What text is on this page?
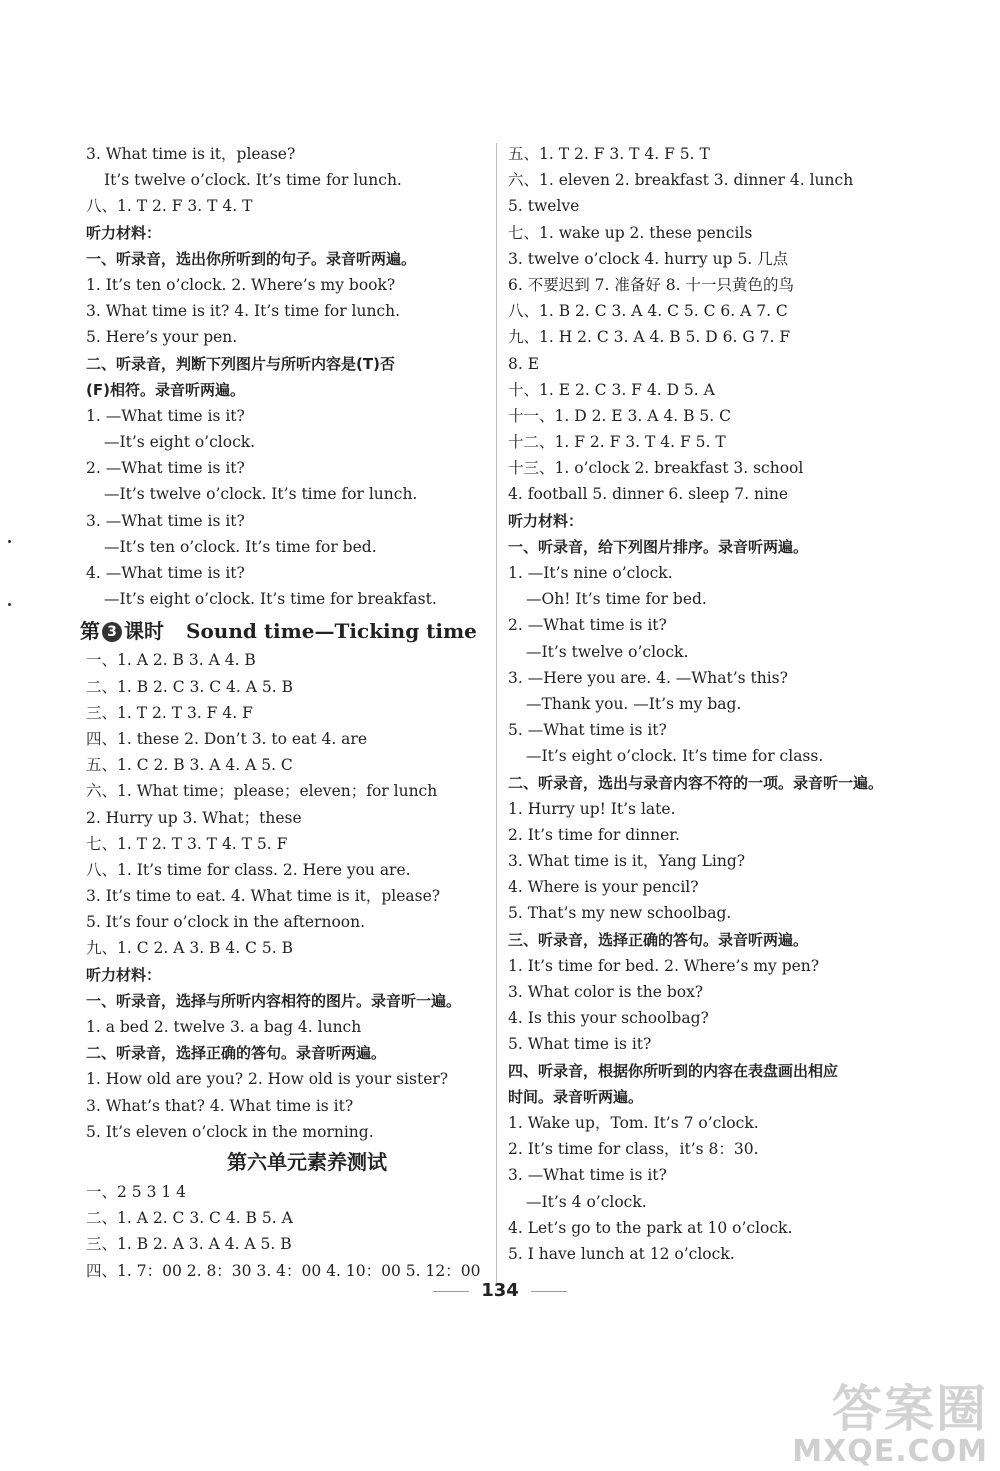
3. What time is it，please?
It’s twelve o’clock. It’s time for lunch.
八、1. T 2. F 3. T 4. T
听力材料：
一、听录音，选出你所听到的句子。录音听两遍。
1. It’s ten o’clock. 2. Where’s my book?
3. What time is it? 4. It’s time for lunch.
5. Here’s your pen.
二、听录音，判断下列图片与所听内容是(T)否
(F)相符。录音听两遍。
1. —What time is it?
—It’s eight o’clock.
2. —What time is it?
—It’s twelve o’clock. It’s time for lunch.
3. —What time is it?
—It’s ten o’clock. It’s time for bed.
4. —What time is it?
—It’s eight o’clock. It’s time for breakfast.
第 3 课时 Sound time—Ticking time
一、1. A 2. B 3. A 4. B
二、1. B 2. C 3. C 4. A 5. B
三、1. T 2. T 3. F 4. F
四、1. these 2. Don’t 3. to eat 4. are
五、1. C 2. B 3. A 4. A 5. C
六、1. What time；please；eleven；for lunch
2. Hurry up 3. What；these
七、1. T 2. T 3. T 4. T 5. F
八、1. It’s time for class. 2. Here you are.
3. It’s time to eat. 4. What time is it，please?
5. It’s four o’clock in the afternoon.
九、1. C 2. A 3. B 4. C 5. B
听力材料：
一、听录音，选择与所听内容相符的图片。录音听一遍。
1. a bed 2. twelve 3. a bag 4. lunch
二、听录音，选择正确的答句。录音听两遍。
1. How old are you? 2. How old is your sister?
3. What’s that? 4. What time is it?
5. It’s eleven o’clock in the morning.
第六单元素养测试
一、2 5 3 1 4
二、1. A 2. C 3. C 4. B 5. A
三、1. B 2. A 3. A 4. A 5. B
四、1. 7：00 2. 8：30 3. 4：00 4. 10：00 5. 12：00
五、1. T 2. F 3. T 4. F 5. T
六、1. eleven 2. breakfast 3. dinner 4. lunch
5. twelve
七、1. wake up 2. these pencils
3. twelve o’clock 4. hurry up 5. 几点
6. 不要迟到 7. 准备好 8. 十一只黄色的鸟
八、1. B 2. C 3. A 4. C 5. C 6. A 7. C
九、1. H 2. C 3. A 4. B 5. D 6. G 7. F
8. E
十、1. E 2. C 3. F 4. D 5. A
十一、1. D 2. E 3. A 4. B 5. C
十二、1. F 2. F 3. T 4. F 5. T
十三、1. o’clock 2. breakfast 3. school
4. football 5. dinner 6. sleep 7. nine
听力材料：
一、听录音，给下列图片排序。录音听两遍。
1. —It’s nine o’clock.
—Oh! It’s time for bed.
2. —What time is it?
—It’s twelve o’clock.
3. —Here you are. 4. —What’s this?
—Thank you. —It’s my bag.
5. —What time is it?
—It’s eight o’clock. It’s time for class.
二、听录音，选出与录音内容不符的一项。录音听一遍。
1. Hurry up! It’s late.
2. It’s time for dinner.
3. What time is it，Yang Ling?
4. Where is your pencil?
5. That’s my new schoolbag.
三、听录音，选择正确的答句。录音听两遍。
1. It’s time for bed. 2. Where’s my pen?
3. What color is the box?
4. Is this your schoolbag?
5. What time is it?
四、听录音，根据你所听到的内容在表盘画出相应
时间。录音听两遍。
1. Wake up，Tom. It’s 7 o’clock.
2. It’s time for class，it’s 8：30.
3. —What time is it?
—It’s 4 o’clock.
4. Let’s go to the park at 10 o’clock.
5. I have lunch at 12 o’clock.
134
答案圈
MXQE.COM
